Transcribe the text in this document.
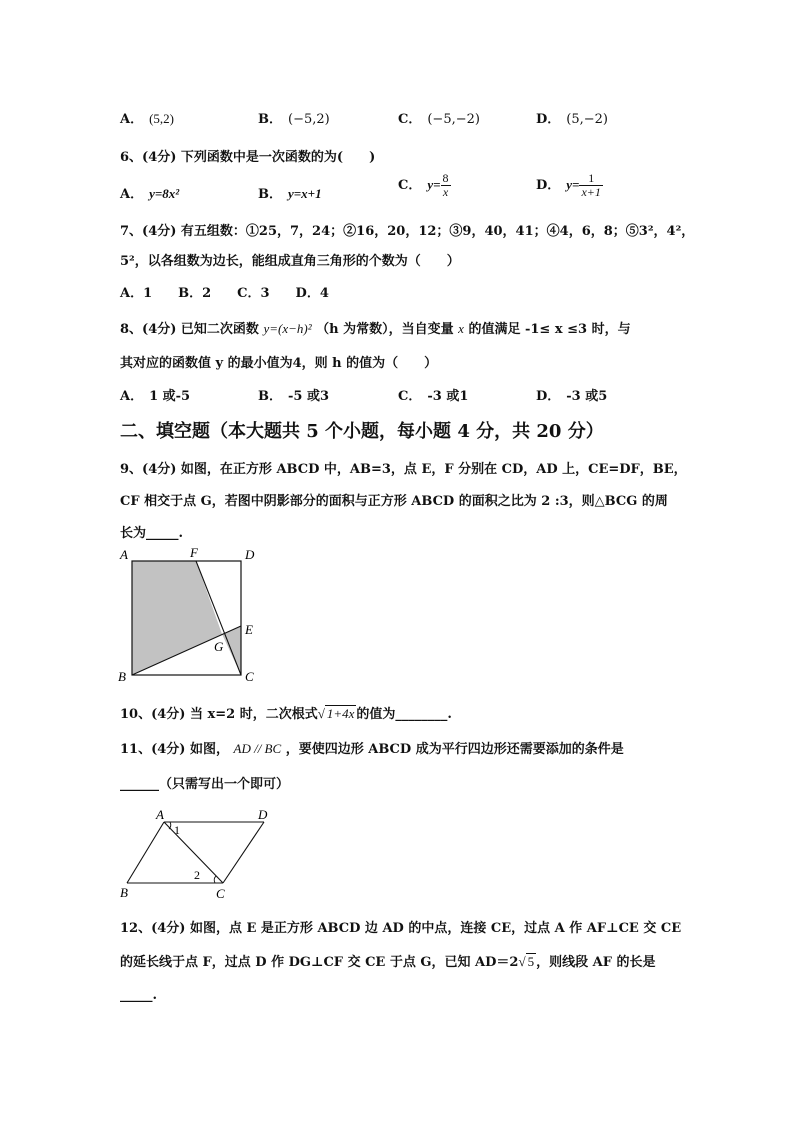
A． (5,2)	B． (−5,2)	C． (−5,−2)	D． (5,−2)
6、(4分) 下列函数中是一次函数的为(　　)
A． y=8x²	B． y=x+1
C． $y= \frac{8}{x}$	D． $y= \frac{1}{x+1}$
7、(4分) 有五组数：①25，7，24；②16，20，12；③9，40，41；④4，6，8；⑤3²，4²，
5²，以各组数为边长，能组成直角三角形的个数为（　　）
A．1　　B．2　　C．3　　D．4
8、(4分) 已知二次函数 y=(x−h)² （h 为常数），当自变量 x 的值满足 -1≤ x ≤3 时，与
其对应的函数值 y 的最小值为4，则 h 的值为（　　）
A． 1 或-5	B． -5 或3	C． -3 或1	D． -3 或5
二、填空题（本大题共 5 个小题，每小题 4 分，共 20 分）
9、(4分) 如图，在正方形 ABCD 中，AB=3，点 E，F 分别在 CD，AD 上，CE=DF，BE，
CF 相交于点 G，若图中阴影部分的面积与正方形 ABCD 的面积之比为 2 :3，则△BCG 的周
长为_____.
A	F	D
E
G
B	C
10、(4分) 当 x=2 时，二次根式√ 1+4x 的值为________.
11、(4分) 如图， AD // BC ，要使四边形 ABCD 成为平行四边形还需要添加的条件是
______（只需写出一个即可）
A	D
B	C
1
2
12、(4分) 如图，点 E 是正方形 ABCD 边 AD 的中点，连接 CE，过点 A 作 AF⊥CE 交 CE
的延长线于点 F，过点 D 作 DG⊥CF 交 CE 于点 G，已知 AD＝2√ 5 ，则线段 AF 的长是
_____.
